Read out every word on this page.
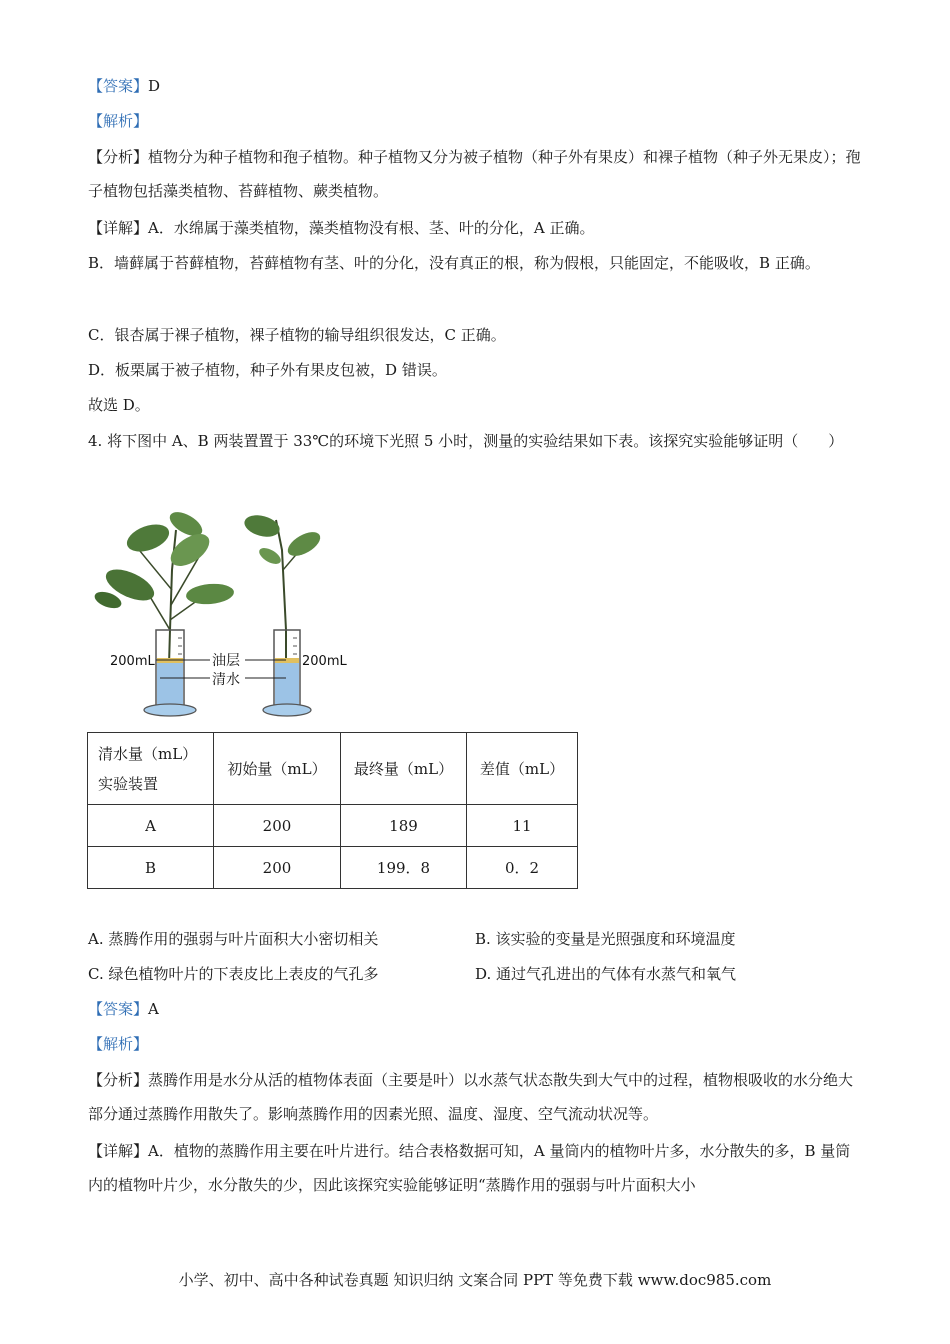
【答案】D
【解析】
【分析】植物分为种子植物和孢子植物。种子植物又分为被子植物（种子外有果皮）和裸子植物（种子外无果皮）；孢子植物包括藻类植物、苔藓植物、蕨类植物。
【详解】A．水绵属于藻类植物，藻类植物没有根、茎、叶的分化，A 正确。
B．墙藓属于苔藓植物，苔藓植物有茎、叶的分化，没有真正的根，称为假根，只能固定，不能吸收，B 正确。
C．银杏属于裸子植物，裸子植物的输导组织很发达，C 正确。
D．板栗属于被子植物，种子外有果皮包被，D 错误。
故选 D。
4. 将下图中 A、B 两装置置于 33℃的环境下光照 5 小时，测量的实验结果如下表。该探究实验能够证明（　　）
200mL	200mL
油层
清水
清水量（mL）
实验装置	初始量（mL）	最终量（mL）	差值（mL）
A	200	189	11
B	200	199．8	0．2
A. 蒸腾作用的强弱与叶片面积大小密切相关	B. 该实验的变量是光照强度和环境温度
C. 绿色植物叶片的下表皮比上表皮的气孔多	D. 通过气孔进出的气体有水蒸气和氧气
【答案】A
【解析】
【分析】蒸腾作用是水分从活的植物体表面（主要是叶）以水蒸气状态散失到大气中的过程，植物根吸收的水分绝大部分通过蒸腾作用散失了。影响蒸腾作用的因素光照、温度、湿度、空气流动状况等。
【详解】A．植物的蒸腾作用主要在叶片进行。结合表格数据可知，A 量筒内的植物叶片多，水分散失的多，B 量筒内的植物叶片少，水分散失的少，因此该探究实验能够证明“蒸腾作用的强弱与叶片面积大小
小学、初中、高中各种试卷真题 知识归纳 文案合同 PPT 等免费下载 www.doc985.com
